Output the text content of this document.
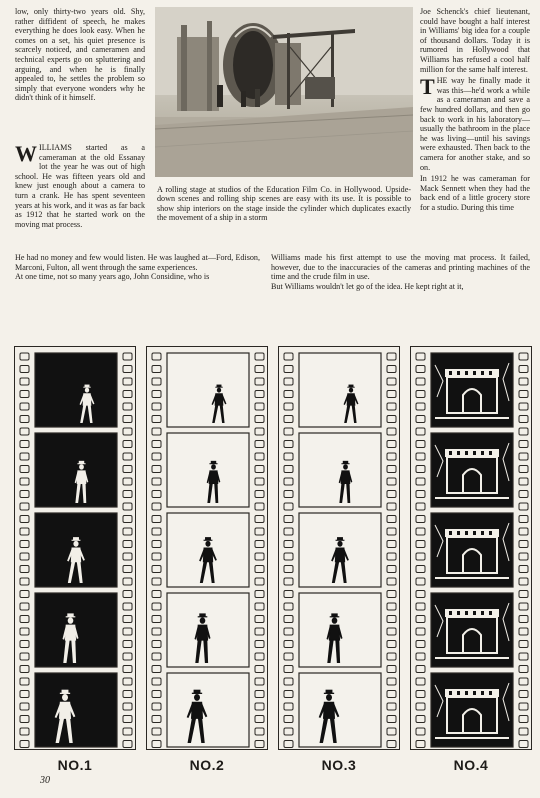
low, only thirty-two years old. Shy, rather diffident of speech, he makes everything he does look easy. When he comes on a set, his quiet presence is scarcely noticed, and cameramen and technical experts go on spluttering and arguing, and when he is finally appealed to, he settles the problem so simply that everyone wonders why he didn't think of it himself.

WILLIAMS started as a cameraman at the old Essanay lot the year he was out of high school. He was fifteen years old and knew just enough about a camera to turn a crank. He has spent seventeen years at his work, and it was as far back as 1912 that he started work on the moving mat process.

A rolling stage at studios of the Education Film Co. in Hollywood. Upside-down scenes and rolling ship scenes are easy with its use. It is possible to show ship interiors on the stage inside the cylinder which duplicates exactly the movement of a ship in a storm

Joe Schenck's chief lieutenant, could have bought a half interest in Williams' big idea for a couple of thousand dollars. Today it is rumored in Hollywood that Williams has refused a cool half million for the same half interest.

THE way he finally made it was this—he'd work a while as a cameraman and save a few hundred dollars, and then go back to work in his laboratory—usually the bathroom in the place he was living—until his savings were exhausted. Then back to the camera for another stake, and so on.

In 1912 he was cameraman for Mack Sennett when they had the back end of a little grocery store for a studio. During this time

He had no money and few would listen. He was laughed at—Ford, Edison, Marconi, Fulton, all went through the same experiences.

At one time, not so many years ago, John Considine, who is

Williams made his first attempt to use the moving mat process. It failed, however, due to the inaccuracies of the cameras and printing machines of the time and the crude film in use.

But Williams wouldn't let go of the idea. He kept right at it,

NO.1	NO.2	NO.3	NO.4
30
